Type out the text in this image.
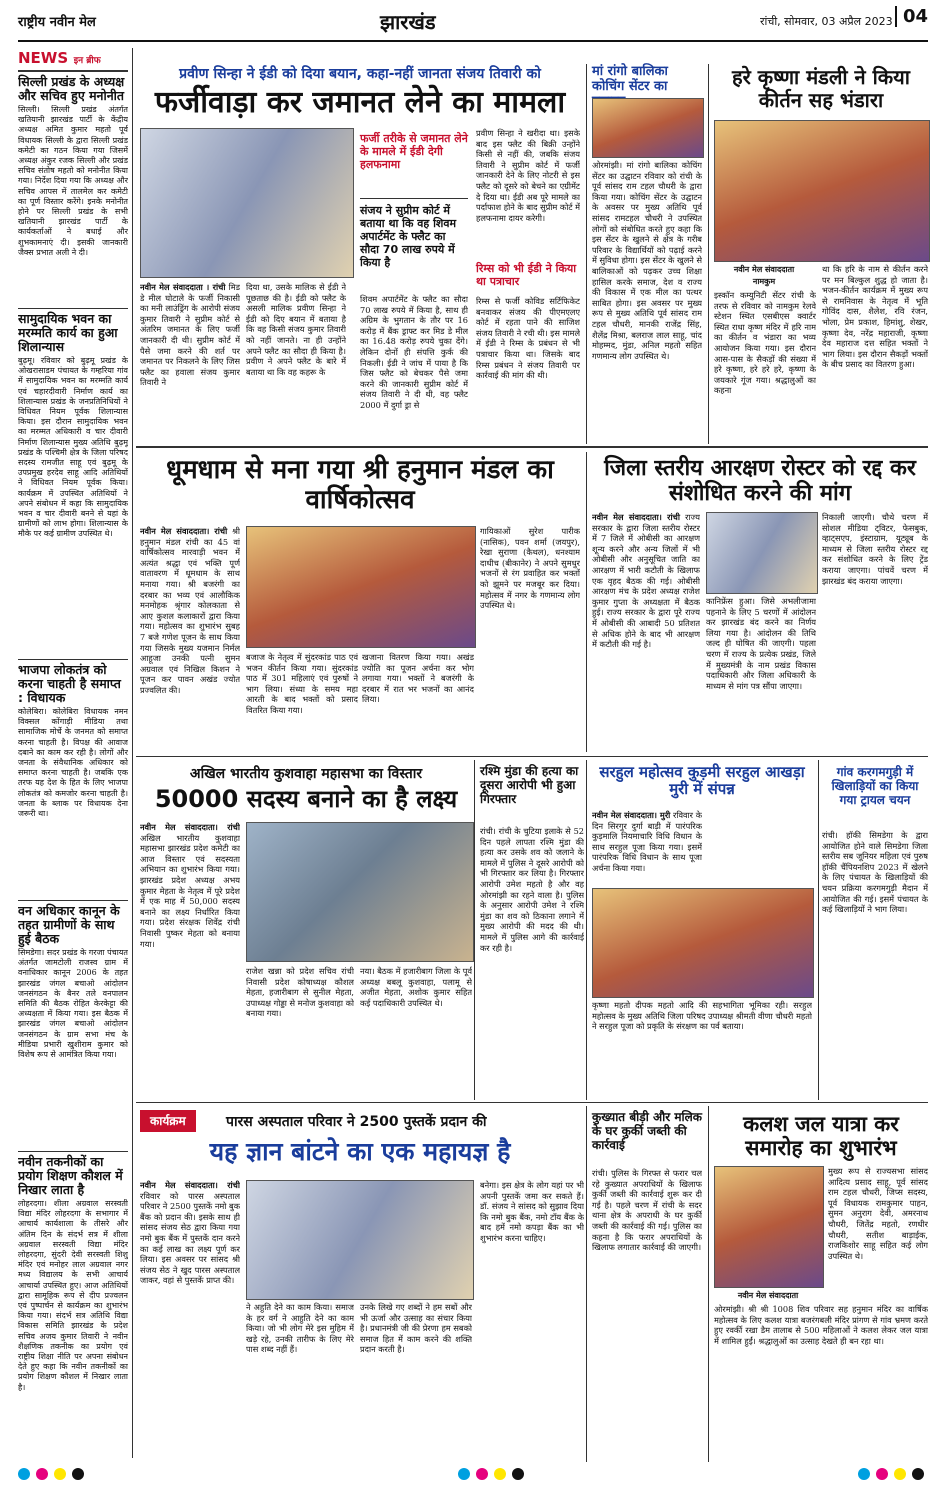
राष्ट्रीय नवीन मेल	झारखंड	रांची, सोमवार, 03 अप्रैल 2023 04
NEWS इन ब्रीफ
सिल्ली प्रखंड के अध्यक्ष और सचिव हुए मनोनीत
सिल्ली। सिल्ली प्रखंड अंतर्गत खतियानी झारखंड पार्टी के केंद्रीय अध्यक्ष अमित कुमार महतो पूर्व विधायक सिल्ली के द्वारा सिल्ली प्रखंड कमेटी का गठन किया गया जिसमें अध्यक्ष अंकुर रजक सिल्ली और प्रखंड सचिव संतोष महतो को मनोनीत किया गया। निर्देश दिया गया कि अध्यक्ष और सचिव आपस में तालमेल कर कमेटी का पूर्ण विस्तार करेंगे। इनके मनोनीत होने पर सिल्ली प्रखंड के सभी खतियानी झारखंड पार्टी के कार्यकर्ताओं ने बधाई और शुभकामनाएं दी। इसकी जानकारी जैक्स प्रभात अली ने दी।
सामुदायिक भवन का मरम्मति कार्य का हुआ शिलान्यास
बुढ़मू। रविवार को बुढ़मू प्रखंड के ओखरासाडम पंचायत के गम्हरिया गांव में सामुदायिक भवन का मरम्मति कार्य एवं चहारदीवारी निर्माण कार्य का शिलान्यास प्रखंड के जनप्रतिनिधियों ने विधिवत नियम पूर्वक शिलान्यास किया। इस दौरान सामुदायिक भवन का मरम्मत अधिकारी व चार दीवारी निर्माण शिलान्यास मुख्य अतिथि बुढ़मू प्रखंड के पश्चिमी क्षेत्र के जिला परिषद सदस्य रामजीत साहू एवं बुढ़मू के उपप्रमुख हरदेव साहू आदि अतिथियों ने विधिवत नियम पूर्वक किया। कार्यक्रम में उपस्थित अतिथियों ने अपने संबोधन में कहा कि सामुदायिक भवन व चार दीवारी बनने से यहां के ग्रामीणों को लाभ होगा। शिलान्यास के मौके पर कई ग्रामीण उपस्थित थे।
भाजपा लोकतंत्र को करना चाहती है समाप्त : विधायक
कोलेबिरा। कोलेबिरा विधायक नमन विक्सल कोंगाड़ी मीडिया तथा सामाजिक मोर्चे के जनमत को समाप्त करना चाहती है। विपक्ष की आवाज दबाने का काम कर रही है। लोगों और जनता के संवैधानिक अधिकार को समाप्त करना चाहती है। जबकि एक तरफ यह देश के हित के लिए भाजपा लोकतंत्र को कमजोर करना चाहती है। जनता के ब्लाक पर विधायक देना जरूरी था।
वन अधिकार कानून के तहत ग्रामीणों के साथ हुई बैठक
सिमडेगा। सदर प्रखंड के गरजा पंचायत अंतर्गत जामटोली राजस्व ग्राम में वनाधिकार कानून 2006 के तहत झारखंड जंगल बचाओ आंदोलन जनसंगठन के बैनर तले वनपालन समिति की बैठक रोहित केरकेट्टा की अध्यक्षता में किया गया। इस बैठक में झारखंड जंगल बचाओ आंदोलन जनसंगठन के ग्राम सभा मंच के मीडिया प्रभारी खुशीराम कुमार को विशेष रूप से आमंत्रित किया गया।
नवीन तकनीकों का प्रयोग शिक्षण कौशल में निखार लाता है
लोहरदगा। शीला अग्रवाल सरस्वती विद्या मंदिर लोहरदगा के सभागार में आचार्य कार्यशाला के तीसरे और अंतिम दिन के संदर्भ सत्र में शीला अग्रवाल सरस्वती विद्या मंदिर लोहरदगा, सुंदरी देवी सरस्वती शिशु मंदिर एवं मनोहर लाल अग्रवाल नगर मध्य विद्यालय के सभी आचार्य आचार्या उपस्थित हुए। आज अतिथियों द्वारा सामूहिक रूप से दीप प्रज्वलन एवं पुष्पार्चन से कार्यक्रम का शुभारंभ किया गया। संदर्भ सत्र अतिथि विद्या विकास समिति झारखंड के प्रदेश सचिव अजय कुमार तिवारी ने नवीन शैक्षणिक तकनीक का प्रयोग एवं राष्ट्रीय शिक्षा नीति पर अपना संबोधन देते हुए कहा कि नवीन तकनीकों का प्रयोग शिक्षण कौशल में निखार लाता है।
प्रवीण सिन्हा ने ईडी को दिया बयान, कहा-नहीं जानता संजय तिवारी को
फर्जीवाड़ा कर जमानत लेने का मामला
फर्जी तरीके से जमानत लेने के मामले में ईडी देगी हलफनामा
संजय ने सुप्रीम कोर्ट में बताया था कि वह शिवम अपार्टमेंट के फ्लैट का सौदा 70 लाख रुपये में किया है
नवीन मेल संवाददाता । रांची मिड डे मील घोटाले के फर्जी निकासी का मनी लाउंड्रिंग के आरोपी संजय कुमार तिवारी ने सुप्रीम कोर्ट से अंतरिम जमानत के लिए फर्जी जानकारी दी थी। सुप्रीम कोर्ट में पैसे जमा करने की शर्त पर जमानत पर निकलने के लिए जिस फ्लैट का हवाला संजय कुमार तिवारी ने
दिया था, उसके मालिक से ईडी ने पूछताछ की है। ईडी को फ्लैट के असली मालिक प्रवीण सिन्हा ने ईडी को दिए बयान में बताया है कि वह किसी संजय कुमार तिवारी को नहीं जानते। ना ही उन्होंने अपने फ्लैट का सौदा ही किया है। प्रवीण ने अपने फ्लैट के बारे में बताया था कि वह कहरू के
शिवम अपार्टमेंट के फ्लैट का सौदा 70 लाख रुपये में किया है, साथ ही अग्रिम के भुगतान के तौर पर 16 करोड़ में बैंक ड्राफ्ट कर मिड डे मील का 16.48 करोड़ रुपये चुका देंगे। लेकिन दोनों ही संपत्ति कुर्क की निकली। ईडी ने जांच में पाया है कि जिस फ्लैट को बेचकर पैसे जमा करने की जानकारी सुप्रीम कोर्ट में संजय तिवारी ने दी थी, वह फ्लैट 2000 में दुर्गा ड्रा से
प्रवीण सिन्हा ने खरीदा था। इसके बाद इस फ्लैट की बिक्री उन्होंने किसी से नहीं की, जबकि संजय तिवारी ने सुप्रीम कोर्ट में फर्जी जानकारी देने के लिए नोटरी से इस फ्लैट को दूसरे को बेचने का एग्रीमेंट दे दिया था। ईडी अब पूरे मामले का पर्दाफाश होने के बाद सुप्रीम कोर्ट में हलफनामा दायर करेगी।
रिम्स को भी ईडी ने किया था पत्राचार
रिम्स से फर्जी कोविड सर्टिफिकेट बनवाकर संजय की पीएमएलए कोर्ट में रहता पाने की साजिश संजय तिवारी ने रची थी। इस मामले में ईडी ने रिम्स के प्रबंधन से भी पत्राचार किया था। जिसके बाद रिम्स प्रबंधन ने संजय तिवारी पर कार्रवाई की मांग की थी।
मां रांगो बालिका कोचिंग सेंटर का
ओरमांझी। मां रांगो बालिका कोचिंग सेंटर का उद्घाटन रविवार को रांची के पूर्व सांसद राम टहल चौधरी के द्वारा किया गया। कोचिंग सेंटर के उद्घाटन के अवसर पर मुख्य अतिथि पूर्व सांसद रामटहल चौधरी ने उपस्थित लोगों को संबोधित करते हुए कहा कि इस सेंटर के खुलने से क्षेत्र के गरीब परिवार के विद्यार्थियों को पढ़ाई करने में सुविधा होगा। इस सेंटर के खुलने से बालिकाओं को पढ़कर उच्च शिक्षा हासिल करके समाज, देश व राज्य की विकास में एक मील का पत्थर साबित होगा। इस अवसर पर मुख्य रूप से मुख्य अतिथि पूर्व सांसद राम टहल चौधरी, मानकी राजेंद्र सिंह, शैलेंद्र मिश्रा, बलराज लाल साहू, चांद मोहम्मद, मुंडा, अनिल महतो सहित गणमान्य लोग उपस्थित थे।
हरे कृष्णा मंडली ने किया कीर्तन सह भंडारा
नवीन मेल संवाददाता
नामकुम
इस्कॉन कम्युनिटी सेंटर रांची के तरफ से रविवार को नामकुम रेलवे स्टेशन स्थित एसबीएस क्वार्टर स्थित राधा कृष्ण मंदिर में हरि नाम का कीर्तन व भंडारा का भव्य आयोजन किया गया। इस दौरान आस-पास के सैकड़ों की संख्या में हरे कृष्णा, हरे हरे हरे, कृष्णा के जयकारे गूंज गया। श्रद्धालुओं का कहना
था कि हरि के नाम से कीर्तन करने पर मन बिल्कुल शुद्ध हो जाता है। भजन-कीर्तन कार्यक्रम में मुख्य रूप से रामनिवास के नेतृत्व में भूति गोविंद दास, शैलेश, रवि रंजन, भोला, प्रेम प्रकाश, हिमांशु, शेखर, कृष्णा देव, नरेंद्र महाराजी, कृष्णा देव महाराज दत्त सहित भक्तों ने भाग लिया। इस दौरान सैकड़ों भक्तों के बीच प्रसाद का वितरण हुआ।
धूमधाम से मना गया श्री हनुमान मंडल का वार्षिकोत्सव
नवीन मेल संवाददाता। रांची श्री हनुमान मंडल रांची का 45 वां वार्षिकोत्सव मारवाड़ी भवन में अत्यंत श्रद्धा एवं भक्ति पूर्ण वातावरण में धूमधाम के साथ मनाया गया। श्री बजरंगी का दरबार का भव्य एवं आलौकिक मनमोहक श्रृंगार कोलकाता से आए कुशल कलाकारों द्वारा किया गया। महोत्सव का शुभारंभ सुबह 7 बजे गणेश पूजन के साथ किया गया जिसके मुख्य यजमान निर्मल आहूजा उनकी पत्नी सुमन अग्रवाल एवं निखिल किशन ने पूजन कर पावन अखंड ज्योत प्रज्वलित की।
बजाज के नेतृत्व में सुंदरकांड पाठ एवं भजन कीर्तन किया गया। सुंदरकांड पाठ में 301 महिलाएं एवं पुरुषों ने भाग लिया। संध्या के समय महा आरती के बाद भक्तों को प्रसाद वितरित किया गया।
खजाना वितरण किया गया। अखंड ज्योति का पूजन अर्चना कर भोग लगाया गया। भक्तों ने बजरंगी के दरबार में रात भर भजनों का आनंद लिया।
गायिकाओं सुरेश पारीक (नासिक), पवन शर्मा (जयपुर), रेखा सुराणा (कैथल), धनश्याम दाधीच (बीकानेर) ने अपने सुमधुर भजनों से रंग प्रवाहित कर भक्तों को झूमने पर मजबूर कर दिया। महोत्सव में नगर के गणमान्य लोग उपस्थित थे।
जिला स्तरीय आरक्षण रोस्टर को रद्द कर संशोधित करने की मांग
नवीन मेल संवाददाता। रांची राज्य सरकार के द्वारा जिला स्तरीय रोस्टर में 7 जिले में ओबीसी का आरक्षण शून्य करने और अन्य जिलों में भी ओबीसी और अनुसूचित जाति का आरक्षण में भारी कटौती के खिलाफ एक वृहद बैठक की गई। ओबीसी आरक्षण मंच के प्रदेश अध्यक्ष राजेश कुमार गुप्ता के अध्यक्षता में बैठक हुई। राज्य सरकार के द्वारा पूरे राज्य में ओबीसी की आबादी 50 प्रतिशत से अधिक होने के बाद भी आरक्षण में कटौती की गई है।
कानिफ्रेंस हुआ। जिसे अभलीजामा पहनाने के लिए 5 चरणों में आंदोलन कर झारखंड बंद करने का निर्णय लिया गया है। आंदोलन की तिथि जल्द ही घोषित की जाएगी। पहला चरण में राज्य के प्रत्येक प्रखंड, जिले में मुख्यमंत्री के नाम प्रखंड विकास पदाधिकारी और जिला अधिकारी के माध्यम से मांग पत्र सौंपा जाएगा।
निकाली जाएगी। चौथे चरण में सोशल मीडिया ट्विटर, फेसबुक, व्हाट्सएप, इंस्टाग्राम, यूट्यूब के माध्यम से जिला स्तरीय रोस्टर रद्द कर संशोधित करने के लिए ट्रेंड कराया जाएगा। पांचवें चरण में झारखंड बंद कराया जाएगा।
अखिल भारतीय कुशवाहा महासभा का विस्तार
50000 सदस्य बनाने का है लक्ष्य
नवीन मेल संवाददाता। रांची अखिल भारतीय कुशवाहा महासभा झारखंड प्रदेश कमेटी का आज विस्तार एवं सदस्यता अभियान का शुभारंभ किया गया। झारखंड प्रदेश अध्यक्ष अभय कुमार मेहता के नेतृत्व में पूरे प्रदेश में एक माह में 50,000 सदस्य बनाने का लक्ष्य निर्धारित किया गया। प्रदेश संरक्षक शिवेंद्र रांची निवासी पुष्कर मेहता को बनाया गया।
राजेश खन्ना को प्रदेश सचिव रांची निवासी प्रदेश कोषाध्यक्ष कौशल मेहता, हजारीबाग से सुनील मेहता, उपाध्यक्ष गोड्डा से मनोज कुशवाहा को बनाया गया।
नया। बैठक में हजारीबाग जिला के पूर्व अध्यक्ष बबलू कुशवाहा, पलामू से अजीत मेहता, अशोक कुमार सहित कई पदाधिकारी उपस्थित थे।
रश्मि मुंडा की हत्या का दूसरा आरोपी भी हुआ गिरफ्तार
रांची। रांची के चुटिया इलाके से 52 दिन पहले लापता रश्मि मुंडा की हत्या कर उसके शव को जलाने के मामले में पुलिस ने दूसरे आरोपी को भी गिरफ्तार कर लिया है। गिरफ्तार आरोपी उमेश महतो है और वह ओरमांझी का रहने वाला है। पुलिस के अनुसार आरोपी उमेश ने रश्मि मुंडा का शव को ठिकाना लगाने में मुख्य आरोपी की मदद की थी। मामले में पुलिस आगे की कार्रवाई कर रही है।
सरहुल महोत्सव कुड़मी सरहुल आखड़ा मुरी में संपन्न
नवीन मेल संवाददाता। मुरी रविवार के दिन सिरगुर दुर्गा बाड़ी में पारंपरिक कुड़मालि नियमाचारि विधि विधान के साथ सरहुल पूजा किया गया। इसमें पारंपरिक विधि विधान के साथ पूजा अर्चना किया गया।
कृष्णा महतो दीपक महतो आदि की सहभागिता भूमिका रही। सरहुल महोत्सव के मुख्य अतिथि जिला परिषद उपाध्यक्ष श्रीमती वीणा चौधरी महतो ने सरहुल पूजा को प्रकृति के संरक्षण का पर्व बताया।
गांव करगमगुड़ी में खिलाड़ियों का किया गया ट्रायल चयन
रांची। हॉकी सिमडेगा के द्वारा आयोजित होने वाले सिमडेगा जिला स्तरीय सब जूनियर महिला एवं पुरुष हॉकी चैंपियनशिप 2023 में खेलने के लिए पंचायत के खिलाड़ियों की चयन प्रक्रिया करगमगुड़ी मैदान में आयोजित की गई। इसमें पंचायत के कई खिलाड़ियों ने भाग लिया।
कार्यक्रम	पारस अस्पताल परिवार ने 2500 पुस्तकें प्रदान की
यह ज्ञान बांटने का एक महायज्ञ है
नवीन मेल संवाददाता। रांची रविवार को पारस अस्पताल परिवार ने 2500 पुस्तकें नमो बुक बैंक को प्रदान की। इसके साथ ही सांसद संजय सेठ द्वारा किया गया नमो बुक बैंक में पुस्तकें दान करने का कई लाख का लक्ष्य पूर्ण कर लिया। इस अवसर पर सांसद श्री संजय सेठ ने खुद पारस अस्पताल जाकर, वहां से पुस्तकें प्राप्त की।
ने अहुति देने का काम किया। समाज के हर वर्ग ने आहुति देने का काम किया। जो भी लोग मेरे इस मुहिम में खड़े रहे, उनकी तारीफ के लिए मेरे पास शब्द नहीं हैं।
उनके लिखे गए शब्दों ने हम सबों और भी ऊर्जा और उत्साह का संचार किया है। प्रधानमंत्री जी की प्रेरणा हम सबको समाज हित में काम करने की शक्ति प्रदान करती है।
बनेगा। इस क्षेत्र के लोग यहां पर भी अपनी पुस्तकें जमा कर सकते हैं। डॉ. संजय ने सांसद को सुझाव दिया कि नमो बुक बैंक, नमो टॉय बैंक के बाद हमें नमो कपड़ा बैंक का भी शुभारंभ करना चाहिए।
कुख्यात बीड़ी और मलिक के घर कुर्की जब्ती की कार्रवाई
रांची। पुलिस के गिरफ्त से फरार चल रहे कुख्यात अपराधियों के खिलाफ कुर्की जब्ती की कार्रवाई शुरू कर दी गई है। पहले चरण में रांची के सदर थाना क्षेत्र के अपराधी के घर कुर्की जब्ती की कार्रवाई की गई। पुलिस का कहना है कि फरार अपराधियों के खिलाफ लगातार कार्रवाई की जाएगी।
कलश जल यात्रा कर समारोह का शुभारंभ
नवीन मेल संवाददाता
मुख्य रूप से राज्यसभा सांसद आदित्य प्रसाद साहू, पूर्व सांसद राम टहल चौधरी, जिप्स सदस्य, पूर्व विधायक रामकुमार पाहन, सुमन अनुराग देवी, अमरनाथ चौधरी, जितेंद्र महतो, रणधीर चौधरी, सतीश बाड़ाईक, राजकिशोर साहू सहित कई लोग उपस्थित थे।
ओरमांझी। श्री श्री 1008 शिव परिवार सह हनुमान मंदिर का वार्षिक महोत्सव के लिए कलश यात्रा बजरंगबली मंदिर प्रांगण से गांव भ्रमण करते हुए रवर्की रखा डैम तालाब से 500 महिलाओं ने कलश लेकर जल यात्रा में शामिल हुईं। श्रद्धालुओं का उत्साह देखते ही बन रहा था।
